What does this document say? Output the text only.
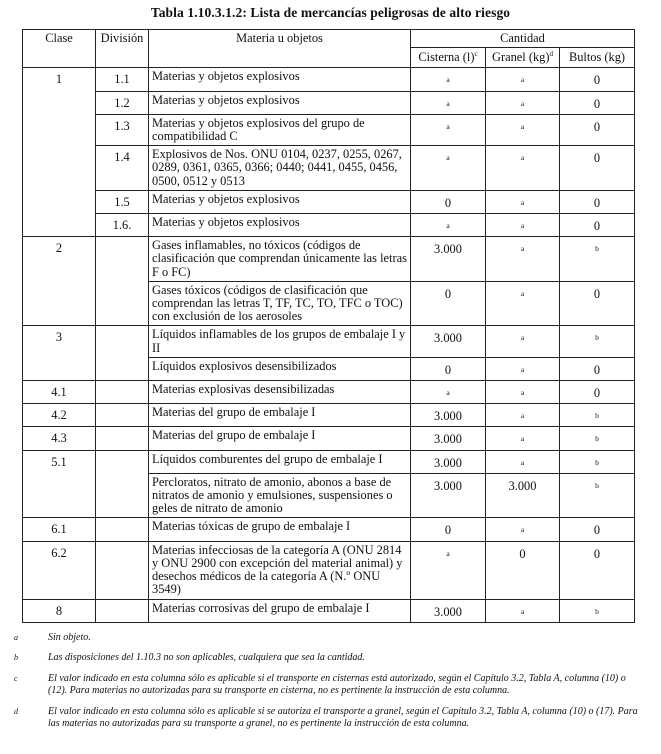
Tabla 1.10.3.1.2: Lista de mercancías peligrosas de alto riesgo
Clase	División	Materia u objetos	Cantidad		
			Cisterna $(l)^c$	Granel (kg)$^d$	Bultos (kg)
1	1.1	Materias y objetos explosivos	a	a	0
	1.2	Materias y objetos explosivos	a	a	0
	1.3	Materias y objetos explosivos del grupo de compatibilidad C	a	a	0
	1.4	Explosivos de Nos. ONU 0104, 0237, 0255, 0267, 0289, 0361, 0365, 0366; 0440; 0441, 0455, 0456, 0500, 0512 y 0513	a	a	0
	1.5	Materias y objetos explosivos	0	a	0
	1.6.	Materias y objetos explosivos	a	a	0
2		Gases inflamables, no tóxicos (códigos de clasificación que comprendan únicamente las letras F o FC)	3.000	a	b
		Gases tóxicos (códigos de clasificación que comprendan las letras T, TF, TC, TO, TFC o TOC) con exclusión de los aerosoles	0	a	0
3		Líquidos inflamables de los grupos de embalaje I y II	3.000	a	b
		Líquidos explosivos desensibilizados	0	a	0
4.1		Materias explosivas desensibilizadas	a	a	0
4.2		Materias del grupo de embalaje I	3.000	a	b
4.3		Materias del grupo de embalaje I	3.000	a	b
5.1		Líquidos comburentes del grupo de embalaje I	3.000	a	b
		Percloratos, nitrato de amonio, abonos a base de nitratos de amonio y emulsiones, suspensiones o geles de nitrato de amonio	3.000	3.000	b
6.1		Materias tóxicas de grupo de embalaje I	0	a	0
6.2		Materias infecciosas de la categoría A (ONU 2814 y ONU 2900 con excepción del material animal) y desechos médicos de la categoría A (N.º ONU 3549)	a	0	0
8		Materias corrosivas del grupo de embalaje I	3.000	a	b
a	Sin objeto.
b	Las disposiciones del 1.10.3 no son aplicables, cualquiera que sea la cantidad.
c	El valor indicado en esta columna sólo es aplicable si el transporte en cisternas está autorizado, según el Capítulo 3.2, Tabla A, columna (10) o (12). Para materias no autorizadas para su transporte en cisterna, no es pertinente la instrucción de esta columna.
d	El valor indicado en esta columna sólo es aplicable si se autoriza el transporte a granel, según el Capítulo 3.2, Tabla A, columna (10) o (17). Para las materias no autorizadas para su transporte a granel, no es pertinente la instrucción de esta columna.
